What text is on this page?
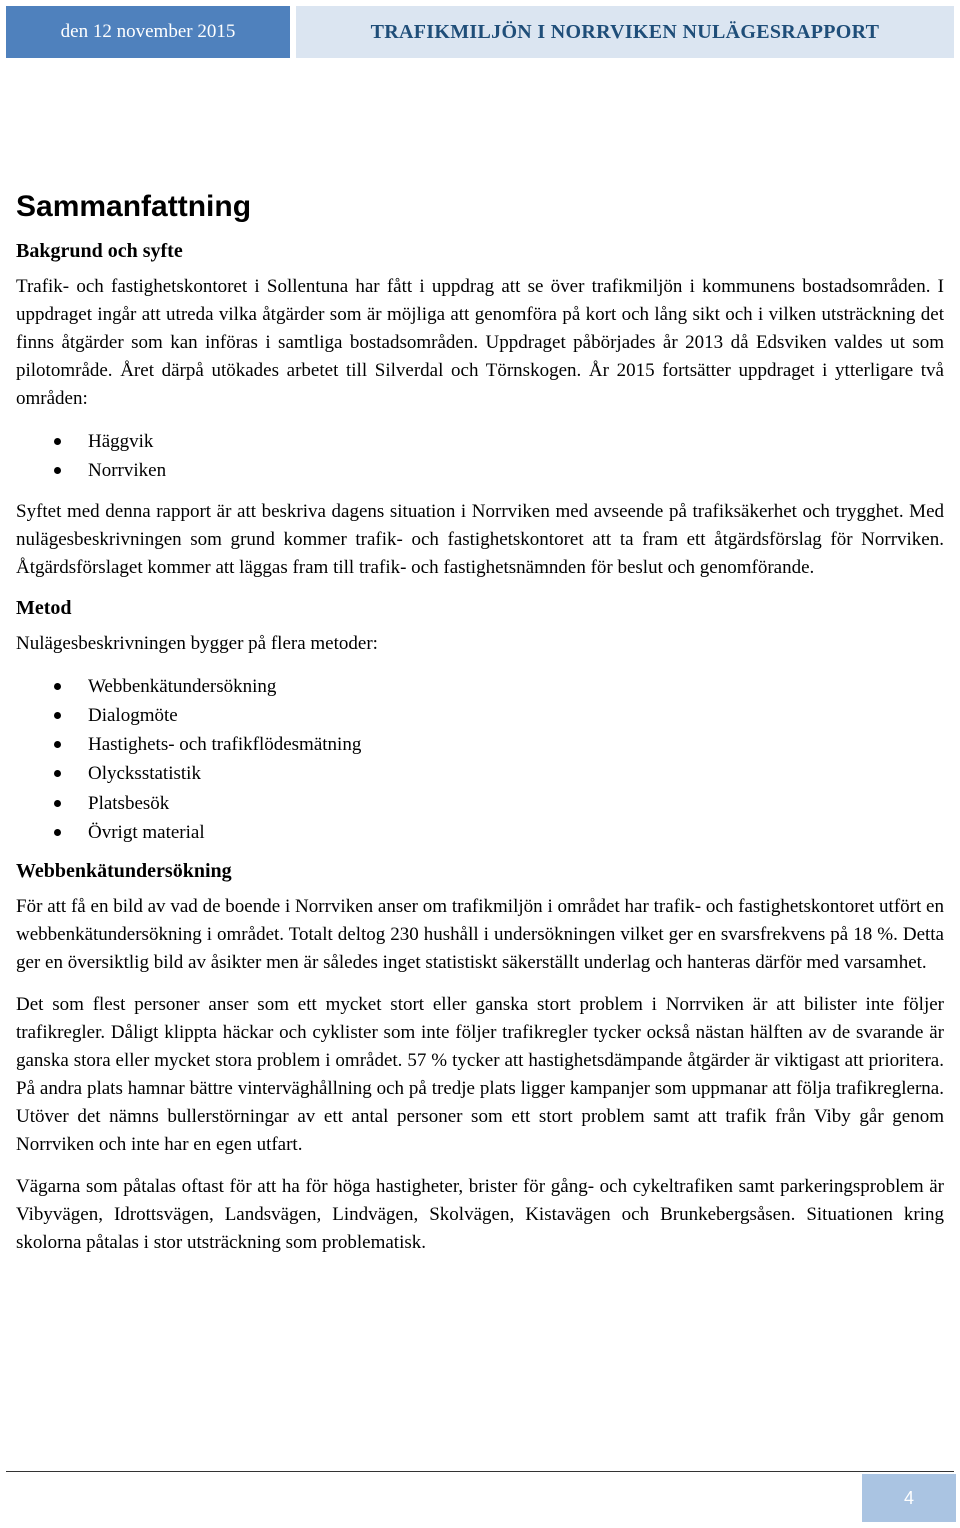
den 12 november 2015	TRAFIKMILJÖN I NORRVIKEN NULÄGESRAPPORT
Sammanfattning
Bakgrund och syfte

Trafik- och fastighetskontoret i Sollentuna har fått i uppdrag att se över trafikmiljön i kommunens bostadsområden. I uppdraget ingår att utreda vilka åtgärder som är möjliga att genomföra på kort och lång sikt och i vilken utsträckning det finns åtgärder som kan införas i samtliga bostadsområden. Uppdraget påbörjades år 2013 då Edsviken valdes ut som pilotområde. Året därpå utökades arbetet till Silverdal och Törnskogen. År 2015 fortsätter uppdraget i ytterligare två områden:

Häggvik
Norrviken

Syftet med denna rapport är att beskriva dagens situation i Norrviken med avseende på trafiksäkerhet och trygghet. Med nulägesbeskrivningen som grund kommer trafik- och fastighetskontoret att ta fram ett åtgärdsförslag för Norrviken. Åtgärdsförslaget kommer att läggas fram till trafik- och fastighetsnämnden för beslut och genomförande.

Metod

Nulägesbeskrivningen bygger på flera metoder:

Webbenkätundersökning
Dialogmöte
Hastighets- och trafikflödesmätning
Olycksstatistik
Platsbesök
Övrigt material
Webbenkätundersökning

För att få en bild av vad de boende i Norrviken anser om trafikmiljön i området har trafik- och fastighetskontoret utfört en webbenkätundersökning i området. Totalt deltog 230 hushåll i undersökningen vilket ger en svarsfrekvens på 18 %. Detta ger en översiktlig bild av åsikter men är således inget statistiskt säkerställt underlag och hanteras därför med varsamhet.

Det som flest personer anser som ett mycket stort eller ganska stort problem i Norrviken är att bilister inte följer trafikregler. Dåligt klippta häckar och cyklister som inte följer trafikregler tycker också nästan hälften av de svarande är ganska stora eller mycket stora problem i området. 57 % tycker att hastighetsdämpande åtgärder är viktigast att prioritera. På andra plats hamnar bättre vinterväghållning och på tredje plats ligger kampanjer som uppmanar att följa trafikreglerna. Utöver det nämns bullerstörningar av ett antal personer som ett stort problem samt att trafik från Viby går genom Norrviken och inte har en egen utfart.

Vägarna som påtalas oftast för att ha för höga hastigheter, brister för gång- och cykeltrafiken samt parkeringsproblem är Vibyvägen, Idrottsvägen, Landsvägen, Lindvägen, Skolvägen, Kistavägen och Brunkebergsåsen. Situationen kring skolorna påtalas i stor utsträckning som problematisk.

4
